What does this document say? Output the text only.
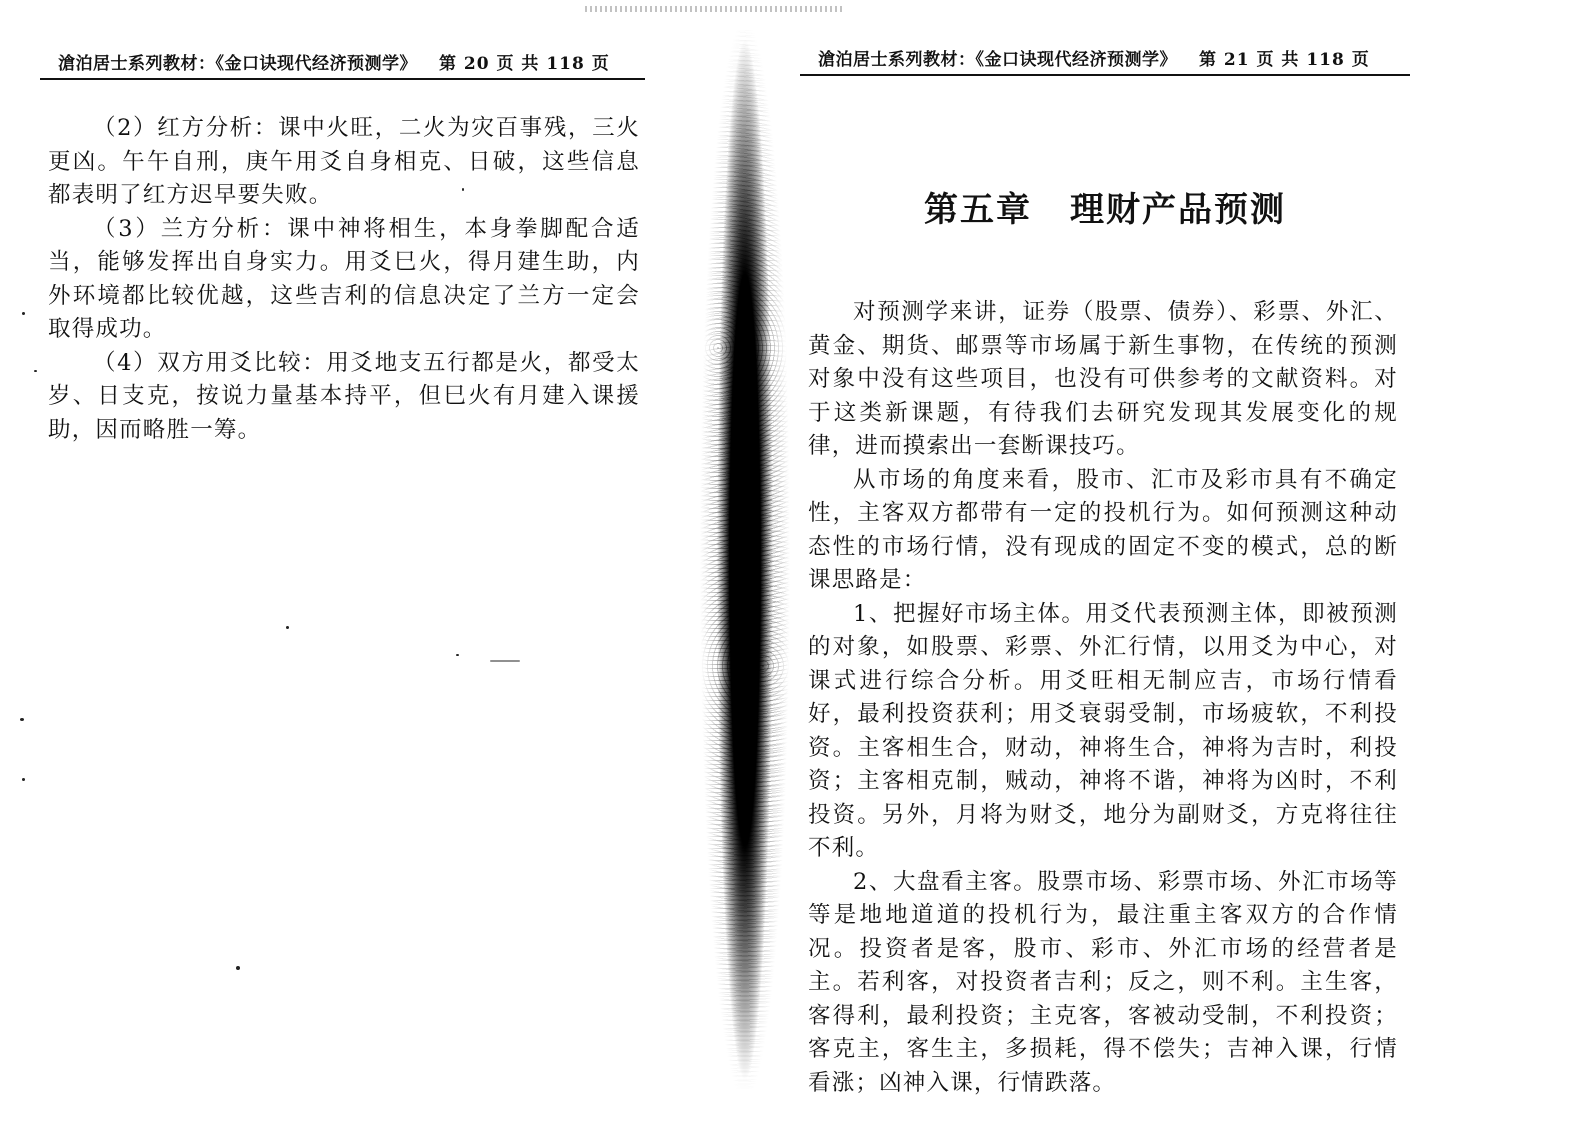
滄泊居士系列教材：《金口诀现代经济预测学》 第 20 页 共 118 页

（2）红方分析：课中火旺，二火为灾百事残，三火更凶。午午自刑，庚午用爻自身相克、日破，这些信息都表明了红方迟早要失败。

（3）兰方分析：课中神将相生，本身拳脚配合适当，能够发挥出自身实力。用爻巳火，得月建生助，内外环境都比较优越，这些吉利的信息决定了兰方一定会取得成功。

（4）双方用爻比较：用爻地支五行都是火，都受太岁、日支克，按说力量基本持平，但巳火有月建入课援助，因而略胜一筹。

滄泊居士系列教材：《金口诀现代经济预测学》 第 21 页 共 118 页
第五章 理财产品预测

对预测学来讲，证券（股票、债券）、彩票、外汇、黄金、期货、邮票等市场属于新生事物，在传统的预测对象中没有这些项目，也没有可供参考的文献资料。对于这类新课题，有待我们去研究发现其发展变化的规律，进而摸索出一套断课技巧。

从市场的角度来看，股市、汇市及彩市具有不确定性，主客双方都带有一定的投机行为。如何预测这种动态性的市场行情，没有现成的固定不变的模式，总的断课思路是：

1、把握好市场主体。用爻代表预测主体，即被预测的对象，如股票、彩票、外汇行情，以用爻为中心，对课式进行综合分析。用爻旺相无制应吉，市场行情看好，最利投资获利；用爻衰弱受制，市场疲软，不利投资。主客相生合，财动，神将生合，神将为吉时，利投资；主客相克制，贼动，神将不谐，神将为凶时，不利投资。另外，月将为财爻，地分为副财爻，方克将往往不利。

2、大盘看主客。股票市场、彩票市场、外汇市场等等是地地道道的投机行为，最注重主客双方的合作情况。投资者是客，股市、彩市、外汇市场的经营者是主。若利客，对投资者吉利；反之，则不利。主生客，客得利，最利投资；主克客，客被动受制，不利投资；客克主，客生主，多损耗，得不偿失；吉神入课，行情看涨；凶神入课，行情跌落。
